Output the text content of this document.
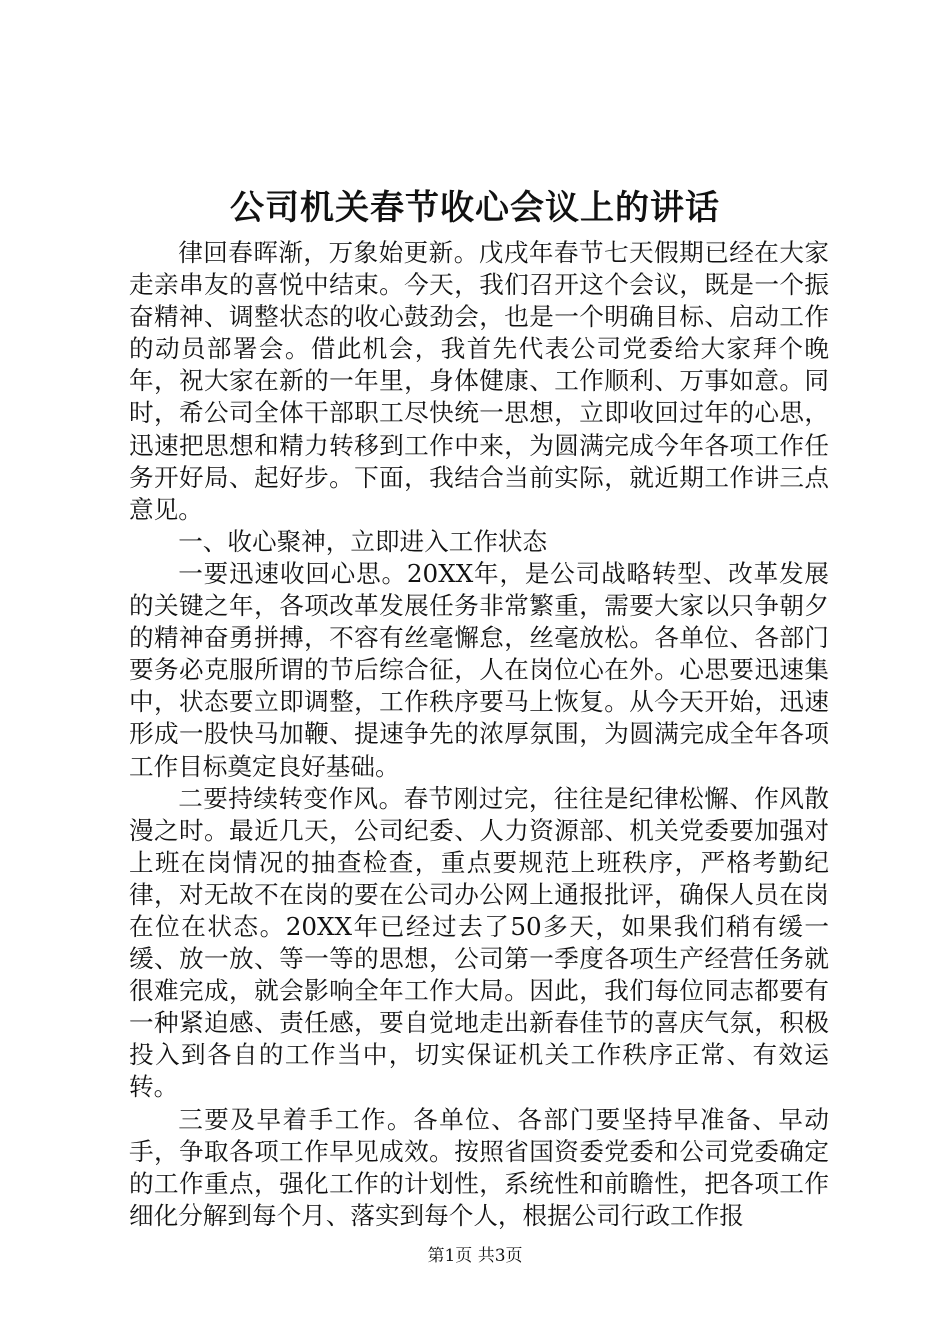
公司机关春节收心会议上的讲话

律回春晖渐，万象始更新。戊戌年春节七天假期已经在大家走亲串友的喜悦中结束。今天，我们召开这个会议，既是一个振奋精神、调整状态的收心鼓劲会，也是一个明确目标、启动工作的动员部署会。借此机会，我首先代表公司党委给大家拜个晚年，祝大家在新的一年里，身体健康、工作顺利、万事如意。同时，希公司全体干部职工尽快统一思想，立即收回过年的心思，迅速把思想和精力转移到工作中来，为圆满完成今年各项工作任务开好局、起好步。下面，我结合当前实际，就近期工作讲三点意见。

一、收心聚神，立即进入工作状态

一要迅速收回心思。20XX年，是公司战略转型、改革发展的关键之年，各项改革发展任务非常繁重，需要大家以只争朝夕的精神奋勇拼搏，不容有丝毫懈怠，丝毫放松。各单位、各部门要务必克服所谓的节后综合征，人在岗位心在外。心思要迅速集中，状态要立即调整，工作秩序要马上恢复。从今天开始，迅速形成一股快马加鞭、提速争先的浓厚氛围，为圆满完成全年各项工作目标奠定良好基础。

二要持续转变作风。春节刚过完，往往是纪律松懈、作风散漫之时。最近几天，公司纪委、人力资源部、机关党委要加强对上班在岗情况的抽查检查，重点要规范上班秩序，严格考勤纪律，对无故不在岗的要在公司办公网上通报批评，确保人员在岗在位在状态。20XX年已经过去了50多天，如果我们稍有缓一缓、放一放、等一等的思想，公司第一季度各项生产经营任务就很难完成，就会影响全年工作大局。因此，我们每位同志都要有一种紧迫感、责任感，要自觉地走出新春佳节的喜庆气氛，积极投入到各自的工作当中，切实保证机关工作秩序正常、有效运转。

三要及早着手工作。各单位、各部门要坚持早准备、早动手，争取各项工作早见成效。按照省国资委党委和公司党委确定的工作重点，强化工作的计划性，系统性和前瞻性，把各项工作细化分解到每个月、落实到每个人，根据公司行政工作报

第1页 共3页
